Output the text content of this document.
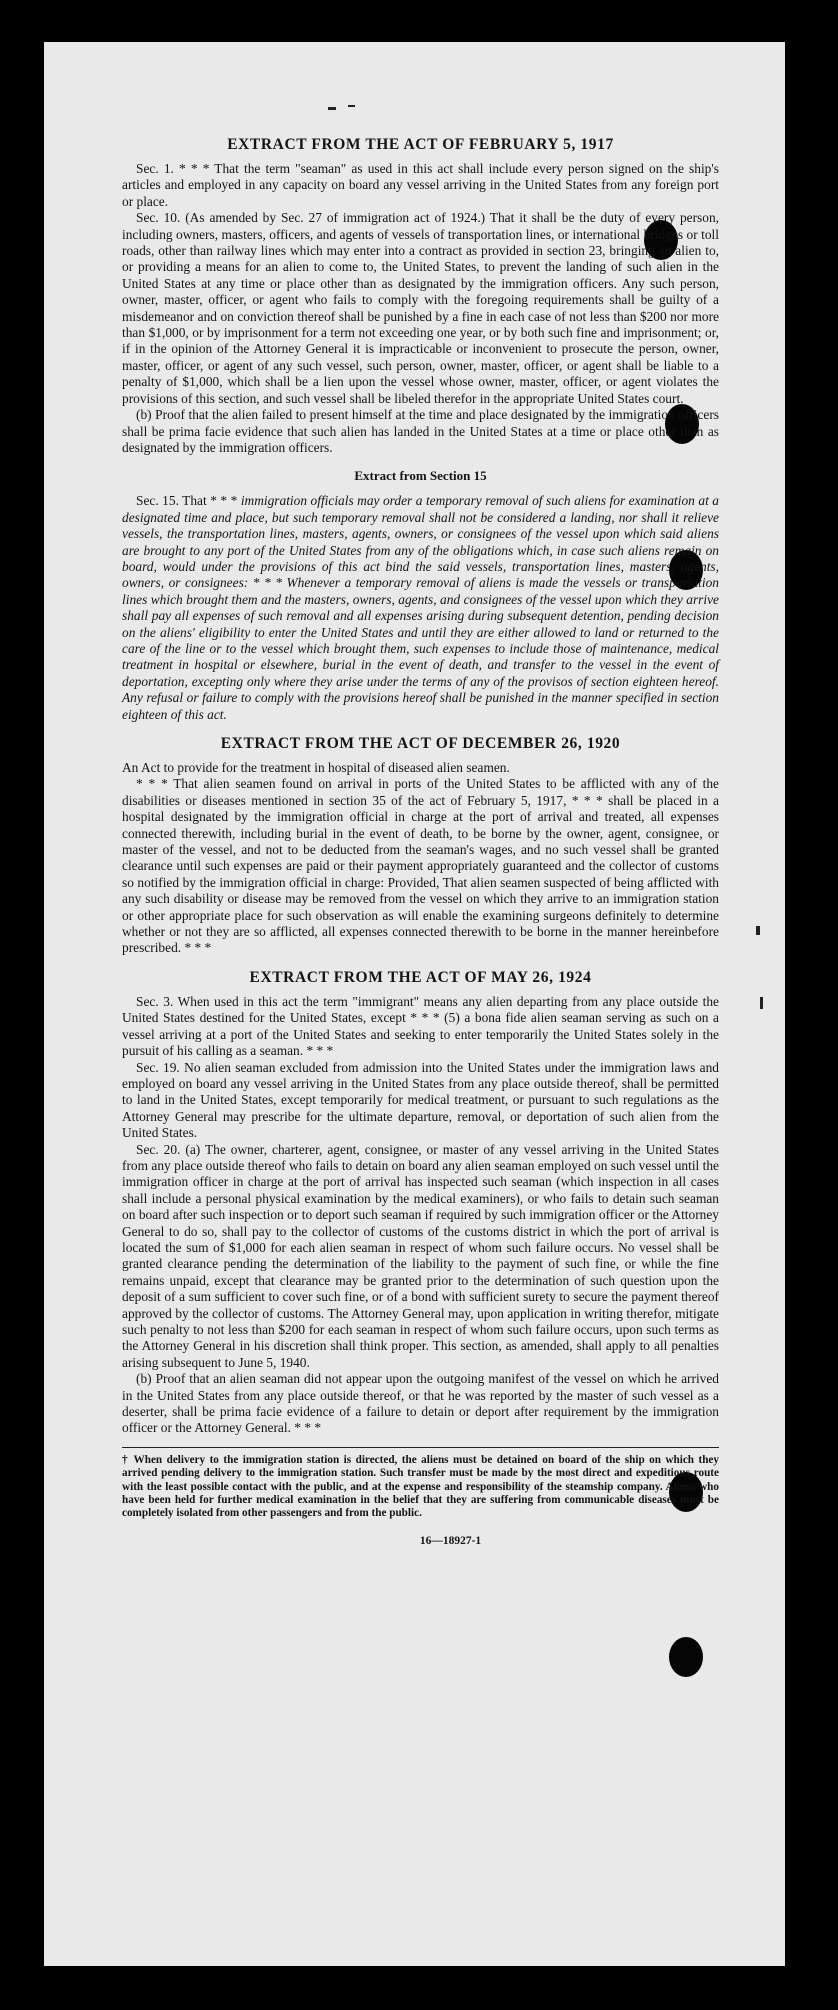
EXTRACT FROM THE ACT OF FEBRUARY 5, 1917

Sec. 1. * * * That the term "seaman" as used in this act shall include every person signed on the ship's articles and employed in any capacity on board any vessel arriving in the United States from any foreign port or place.

Sec. 10. (As amended by Sec. 27 of immigration act of 1924.) That it shall be the duty of every person, including owners, masters, officers, and agents of vessels of transportation lines, or international bridges or toll roads, other than railway lines which may enter into a contract as provided in section 23, bringing an alien to, or providing a means for an alien to come to, the United States, to prevent the landing of such alien in the United States at any time or place other than as designated by the immigration officers. Any such person, owner, master, officer, or agent who fails to comply with the foregoing requirements shall be guilty of a misdemeanor and on conviction thereof shall be punished by a fine in each case of not less than $200 nor more than $1,000, or by imprisonment for a term not exceeding one year, or by both such fine and imprisonment; or, if in the opinion of the Attorney General it is impracticable or inconvenient to prosecute the person, owner, master, officer, or agent of any such vessel, such person, owner, master, officer, or agent shall be liable to a penalty of $1,000, which shall be a lien upon the vessel whose owner, master, officer, or agent violates the provisions of this section, and such vessel shall be libeled therefor in the appropriate United States court.

(b) Proof that the alien failed to present himself at the time and place designated by the immigration officers shall be prima facie evidence that such alien has landed in the United States at a time or place other than as designated by the immigration officers.

Extract from Section 15

Sec. 15. That * * * immigration officials may order a temporary removal of such aliens for examination at a designated time and place, but such temporary removal shall not be considered a landing, nor shall it relieve vessels, the transportation lines, masters, agents, owners, or consignees of the vessel upon which said aliens are brought to any port of the United States from any of the obligations which, in case such aliens remain on board, would under the provisions of this act bind the said vessels, transportation lines, masters, agents, owners, or consignees: * * * Whenever a temporary removal of aliens is made the vessels or transportation lines which brought them and the masters, owners, agents, and consignees of the vessel upon which they arrive shall pay all expenses of such removal and all expenses arising during subsequent detention, pending decision on the aliens' eligibility to enter the United States and until they are either allowed to land or returned to the care of the line or to the vessel which brought them, such expenses to include those of maintenance, medical treatment in hospital or elsewhere, burial in the event of death, and transfer to the vessel in the event of deportation, excepting only where they arise under the terms of any of the provisos of section eighteen hereof. Any refusal or failure to comply with the provisions hereof shall be punished in the manner specified in section eighteen of this act.

EXTRACT FROM THE ACT OF DECEMBER 26, 1920

An Act to provide for the treatment in hospital of diseased alien seamen.

* * * That alien seamen found on arrival in ports of the United States to be afflicted with any of the disabilities or diseases mentioned in section 35 of the act of February 5, 1917, * * * shall be placed in a hospital designated by the immigration official in charge at the port of arrival and treated, all expenses connected therewith, including burial in the event of death, to be borne by the owner, agent, consignee, or master of the vessel, and not to be deducted from the seaman's wages, and no such vessel shall be granted clearance until such expenses are paid or their payment appropriately guaranteed and the collector of customs so notified by the immigration official in charge: Provided, That alien seamen suspected of being afflicted with any such disability or disease may be removed from the vessel on which they arrive to an immigration station or other appropriate place for such observation as will enable the examining surgeons definitely to determine whether or not they are so afflicted, all expenses connected therewith to be borne in the manner hereinbefore prescribed. * * *

EXTRACT FROM THE ACT OF MAY 26, 1924

Sec. 3. When used in this act the term "immigrant" means any alien departing from any place outside the United States destined for the United States, except * * * (5) a bona fide alien seaman serving as such on a vessel arriving at a port of the United States and seeking to enter temporarily the United States solely in the pursuit of his calling as a seaman. * * *

Sec. 19. No alien seaman excluded from admission into the United States under the immigration laws and employed on board any vessel arriving in the United States from any place outside thereof, shall be permitted to land in the United States, except temporarily for medical treatment, or pursuant to such regulations as the Attorney General may prescribe for the ultimate departure, removal, or deportation of such alien from the United States.

Sec. 20. (a) The owner, charterer, agent, consignee, or master of any vessel arriving in the United States from any place outside thereof who fails to detain on board any alien seaman employed on such vessel until the immigration officer in charge at the port of arrival has inspected such seaman (which inspection in all cases shall include a personal physical examination by the medical examiners), or who fails to detain such seaman on board after such inspection or to deport such seaman if required by such immigration officer or the Attorney General to do so, shall pay to the collector of customs of the customs district in which the port of arrival is located the sum of $1,000 for each alien seaman in respect of whom such failure occurs. No vessel shall be granted clearance pending the determination of the liability to the payment of such fine, or while the fine remains unpaid, except that clearance may be granted prior to the determination of such question upon the deposit of a sum sufficient to cover such fine, or of a bond with sufficient surety to secure the payment thereof approved by the collector of customs. The Attorney General may, upon application in writing therefor, mitigate such penalty to not less than $200 for each seaman in respect of whom such failure occurs, upon such terms as the Attorney General in his discretion shall think proper. This section, as amended, shall apply to all penalties arising subsequent to June 5, 1940.

(b) Proof that an alien seaman did not appear upon the outgoing manifest of the vessel on which he arrived in the United States from any place outside thereof, or that he was reported by the master of such vessel as a deserter, shall be prima facie evidence of a failure to detain or deport after requirement by the immigration officer or the Attorney General. * * *

† When delivery to the immigration station is directed, the aliens must be detained on board of the ship on which they arrived pending delivery to the immigration station. Such transfer must be made by the most direct and expeditious route with the least possible contact with the public, and at the expense and responsibility of the steamship company. Aliens who have been held for further medical examination in the belief that they are suffering from communicable diseases must be completely isolated from other passengers and from the public.
16—18927-1
